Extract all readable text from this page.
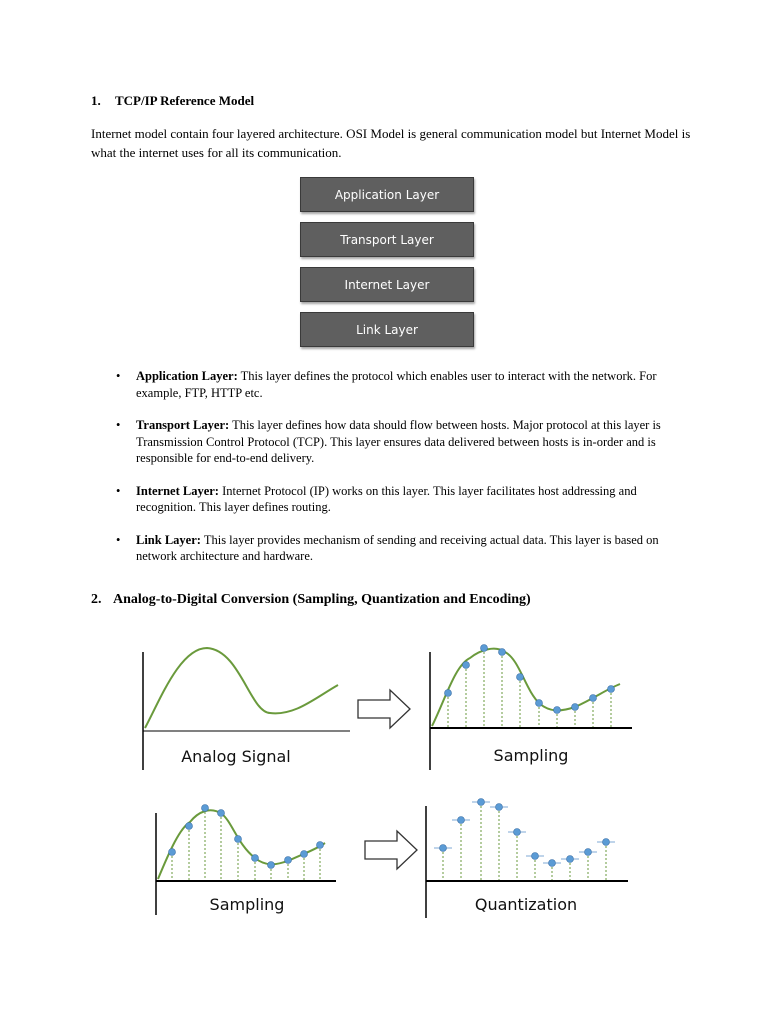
1. TCP/IP Reference Model
Internet model contain four layered architecture. OSI Model is general communication model but Internet Model is what the internet uses for all its communication.
Application Layer
Transport Layer
Internet Layer
Link Layer
• Application Layer: This layer defines the protocol which enables user to interact with the network. For example, FTP, HTTP etc.
• Transport Layer: This layer defines how data should flow between hosts. Major protocol at this layer is Transmission Control Protocol (TCP). This layer ensures data delivered between hosts is in-order and is responsible for end-to-end delivery.
• Internet Layer: Internet Protocol (IP) works on this layer. This layer facilitates host addressing and recognition. This layer defines routing.
• Link Layer: This layer provides mechanism of sending and receiving actual data. This layer is based on network architecture and hardware.
2. Analog-to-Digital Conversion (Sampling, Quantization and Encoding)
Analog Signal	Sampling
Sampling	Quantization
